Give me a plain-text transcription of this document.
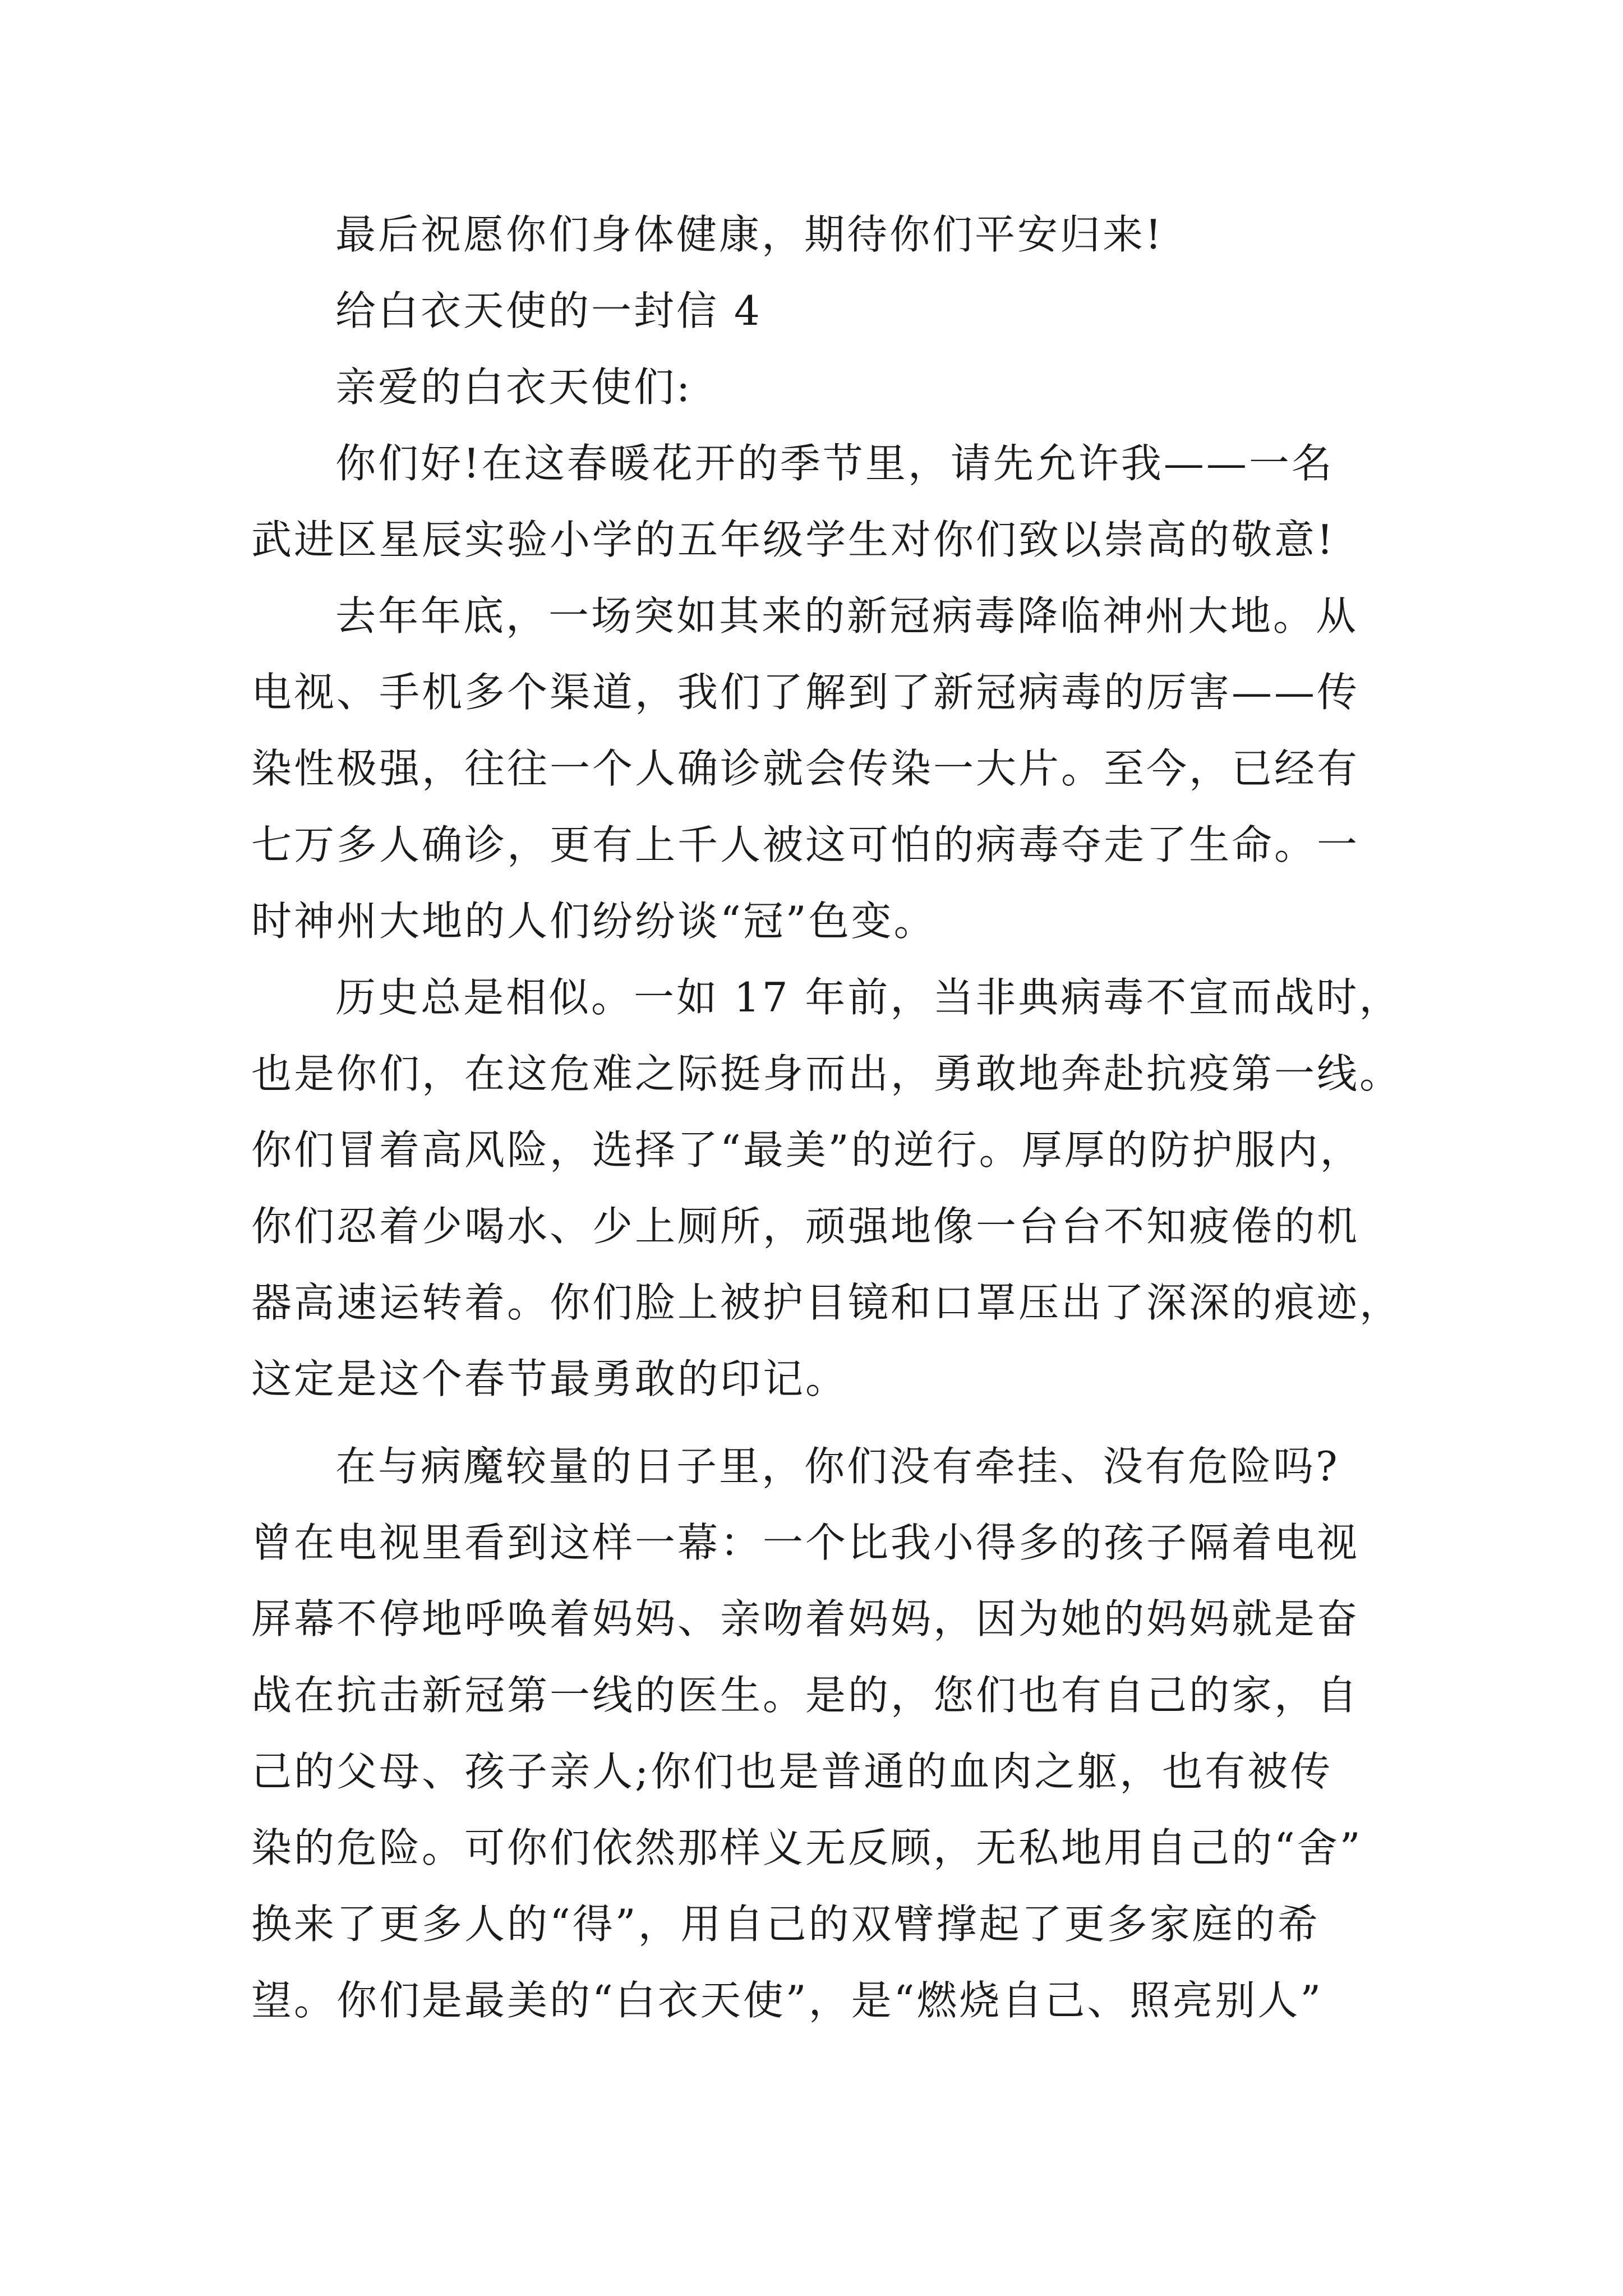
最后祝愿你们身体健康，期待你们平安归来!
给白衣天使的一封信 4
亲爱的白衣天使们:
你们好!在这春暖花开的季节里，请先允许我——一名
武进区星辰实验小学的五年级学生对你们致以崇高的敬意!
去年年底，一场突如其来的新冠病毒降临神州大地。从
电视、手机多个渠道，我们了解到了新冠病毒的厉害——传
染性极强，往往一个人确诊就会传染一大片。至今，已经有
七万多人确诊，更有上千人被这可怕的病毒夺走了生命。一
时神州大地的人们纷纷谈“冠”色变。
历史总是相似。一如 17 年前，当非典病毒不宣而战时，
也是你们，在这危难之际挺身而出，勇敢地奔赴抗疫第一线。
你们冒着高风险，选择了“最美”的逆行。厚厚的防护服内，
你们忍着少喝水、少上厕所，顽强地像一台台不知疲倦的机
器高速运转着。你们脸上被护目镜和口罩压出了深深的痕迹，
这定是这个春节最勇敢的印记。
在与病魔较量的日子里，你们没有牵挂、没有危险吗?
曾在电视里看到这样一幕：一个比我小得多的孩子隔着电视
屏幕不停地呼唤着妈妈、亲吻着妈妈，因为她的妈妈就是奋
战在抗击新冠第一线的医生。是的，您们也有自己的家，自
己的父母、孩子亲人;你们也是普通的血肉之躯，也有被传
染的危险。可你们依然那样义无反顾，无私地用自己的“舍”
换来了更多人的“得”，用自己的双臂撑起了更多家庭的希
望。你们是最美的“白衣天使”，是“燃烧自己、照亮别人”
